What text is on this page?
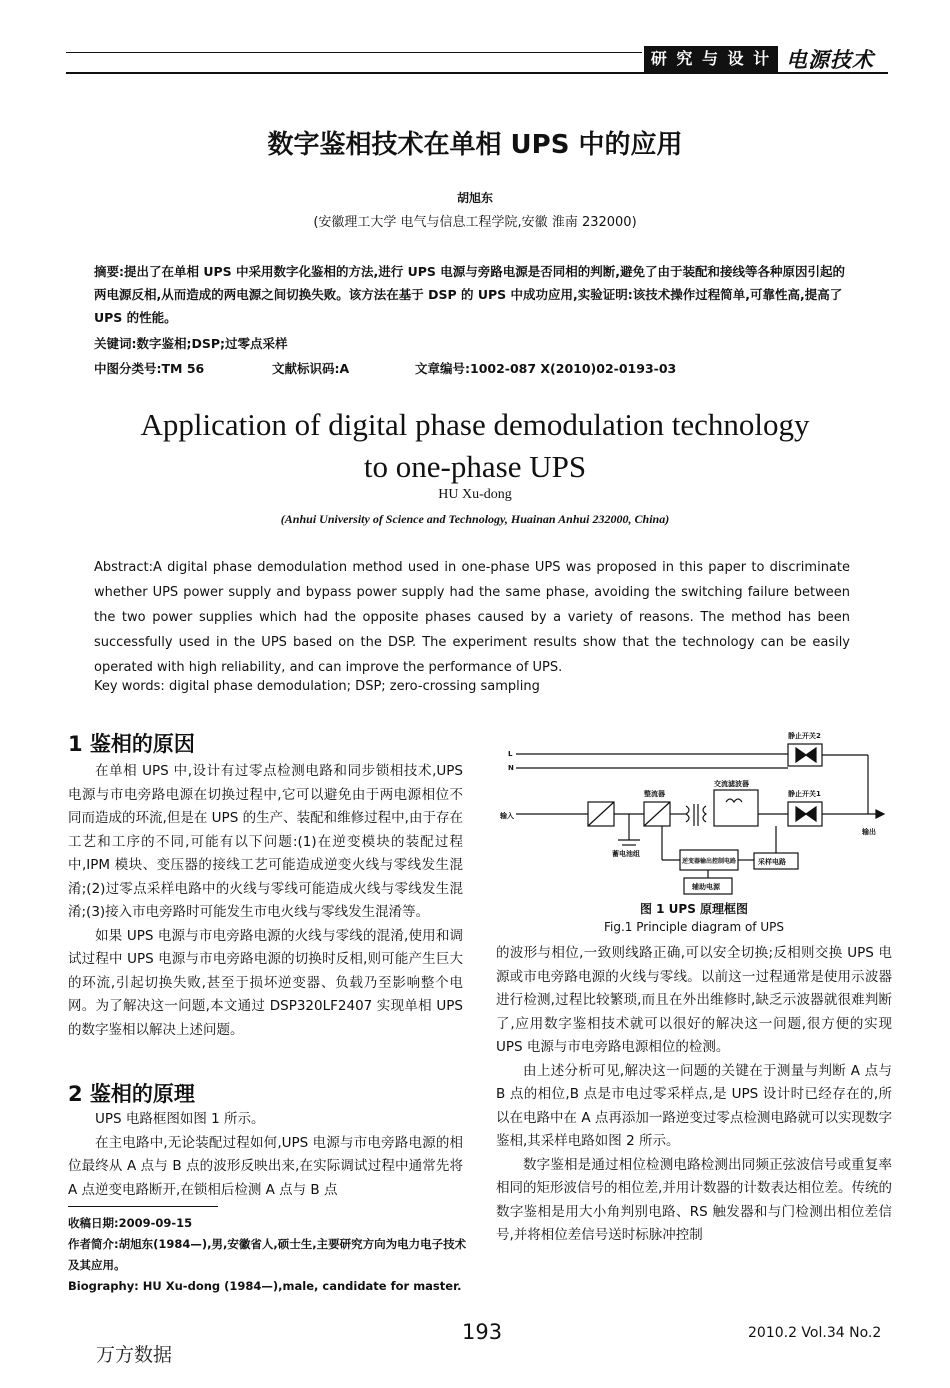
研 究 与 设 计 电源技术
数字鉴相技术在单相 UPS 中的应用
胡旭东
(安徽理工大学 电气与信息工程学院,安徽 淮南 232000)
摘要:提出了在单相 UPS 中采用数字化鉴相的方法,进行 UPS 电源与旁路电源是否同相的判断,避免了由于装配和接线等各种原因引起的两电源反相,从而造成的两电源之间切换失败。该方法在基于 DSP 的 UPS 中成功应用,实验证明:该技术操作过程简单,可靠性高,提高了 UPS 的性能。
关键词:数字鉴相;DSP;过零点采样
中图分类号:TM 56	文献标识码:A	文章编号:1002-087 X(2010)02-0193-03
Application of digital phase demodulation technology to one-phase UPS
HU Xu-dong
(Anhui University of Science and Technology, Huainan Anhui 232000, China)
Abstract:A digital phase demodulation method used in one-phase UPS was proposed in this paper to discriminate whether UPS power supply and bypass power supply had the same phase, avoiding the switching failure between the two power supplies which had the opposite phases caused by a variety of reasons. The method has been successfully used in the UPS based on the DSP. The experiment results show that the technology can be easily operated with high reliability, and can improve the performance of UPS.
Key words: digital phase demodulation; DSP; zero-crossing sampling
1 鉴相的原因

在单相 UPS 中,设计有过零点检测电路和同步锁相技术,UPS 电源与市电旁路电源在切换过程中,它可以避免由于两电源相位不同而造成的环流,但是在 UPS 的生产、装配和维修过程中,由于存在工艺和工序的不同,可能有以下问题:(1)在逆变模块的装配过程中,IPM 模块、变压器的接线工艺可能造成逆变火线与零线发生混淆;(2)过零点采样电路中的火线与零线可能造成火线与零线发生混淆;(3)接入市电旁路时可能发生市电火线与零线发生混淆等。

如果 UPS 电源与市电旁路电源的火线与零线的混淆,使用和调试过程中 UPS 电源与市电旁路电源的切换时反相,则可能产生巨大的环流,引起切换失败,甚至于损坏逆变器、负载乃至影响整个电网。为了解决这一问题,本文通过 DSP320LF2407 实现单相 UPS 的数字鉴相以解决上述问题。

2 鉴相的原理

UPS 电路框图如图 1 所示。

在主电路中,无论装配过程如何,UPS 电源与市电旁路电源的相位最终从 A 点与 B 点的波形反映出来,在实际调试过程中通常先将 A 点逆变电路断开,在锁相后检测 A 点与 B 点

收稿日期:2009-09-15
作者简介:胡旭东(1984—),男,安徽省人,硕士生,主要研究方向为电力电子技术及其应用。
Biography: HU Xu-dong (1984—),male, candidate for master.
输入
输出
L
N
静止开关2
静止开关1
整流器
交流滤波器
蓄电池组
逆变器输出控制电路	采样电路
辅助电源
图 1 UPS 原理框图
Fig.1 Principle diagram of UPS

的波形与相位,一致则线路正确,可以安全切换;反相则交换 UPS 电源或市电旁路电源的火线与零线。以前这一过程通常是使用示波器进行检测,过程比较繁琐,而且在外出维修时,缺乏示波器就很难判断了,应用数字鉴相技术就可以很好的解决这一问题,很方便的实现 UPS 电源与市电旁路电源相位的检测。

由上述分析可见,解决这一问题的关键在于测量与判断 A 点与 B 点的相位,B 点是市电过零采样点,是 UPS 设计时已经存在的,所以在电路中在 A 点再添加一路逆变过零点检测电路就可以实现数字鉴相,其采样电路如图 2 所示。

数字鉴相是通过相位检测电路检测出同频正弦波信号或重复率相同的矩形波信号的相位差,并用计数器的计数表达相位差。传统的数字鉴相是用大小角判别电路、RS 触发器和与门检测出相位差信号,并将相位差信号送时标脉冲控制

193	2010.2 Vol.34 No.2
万方数据
